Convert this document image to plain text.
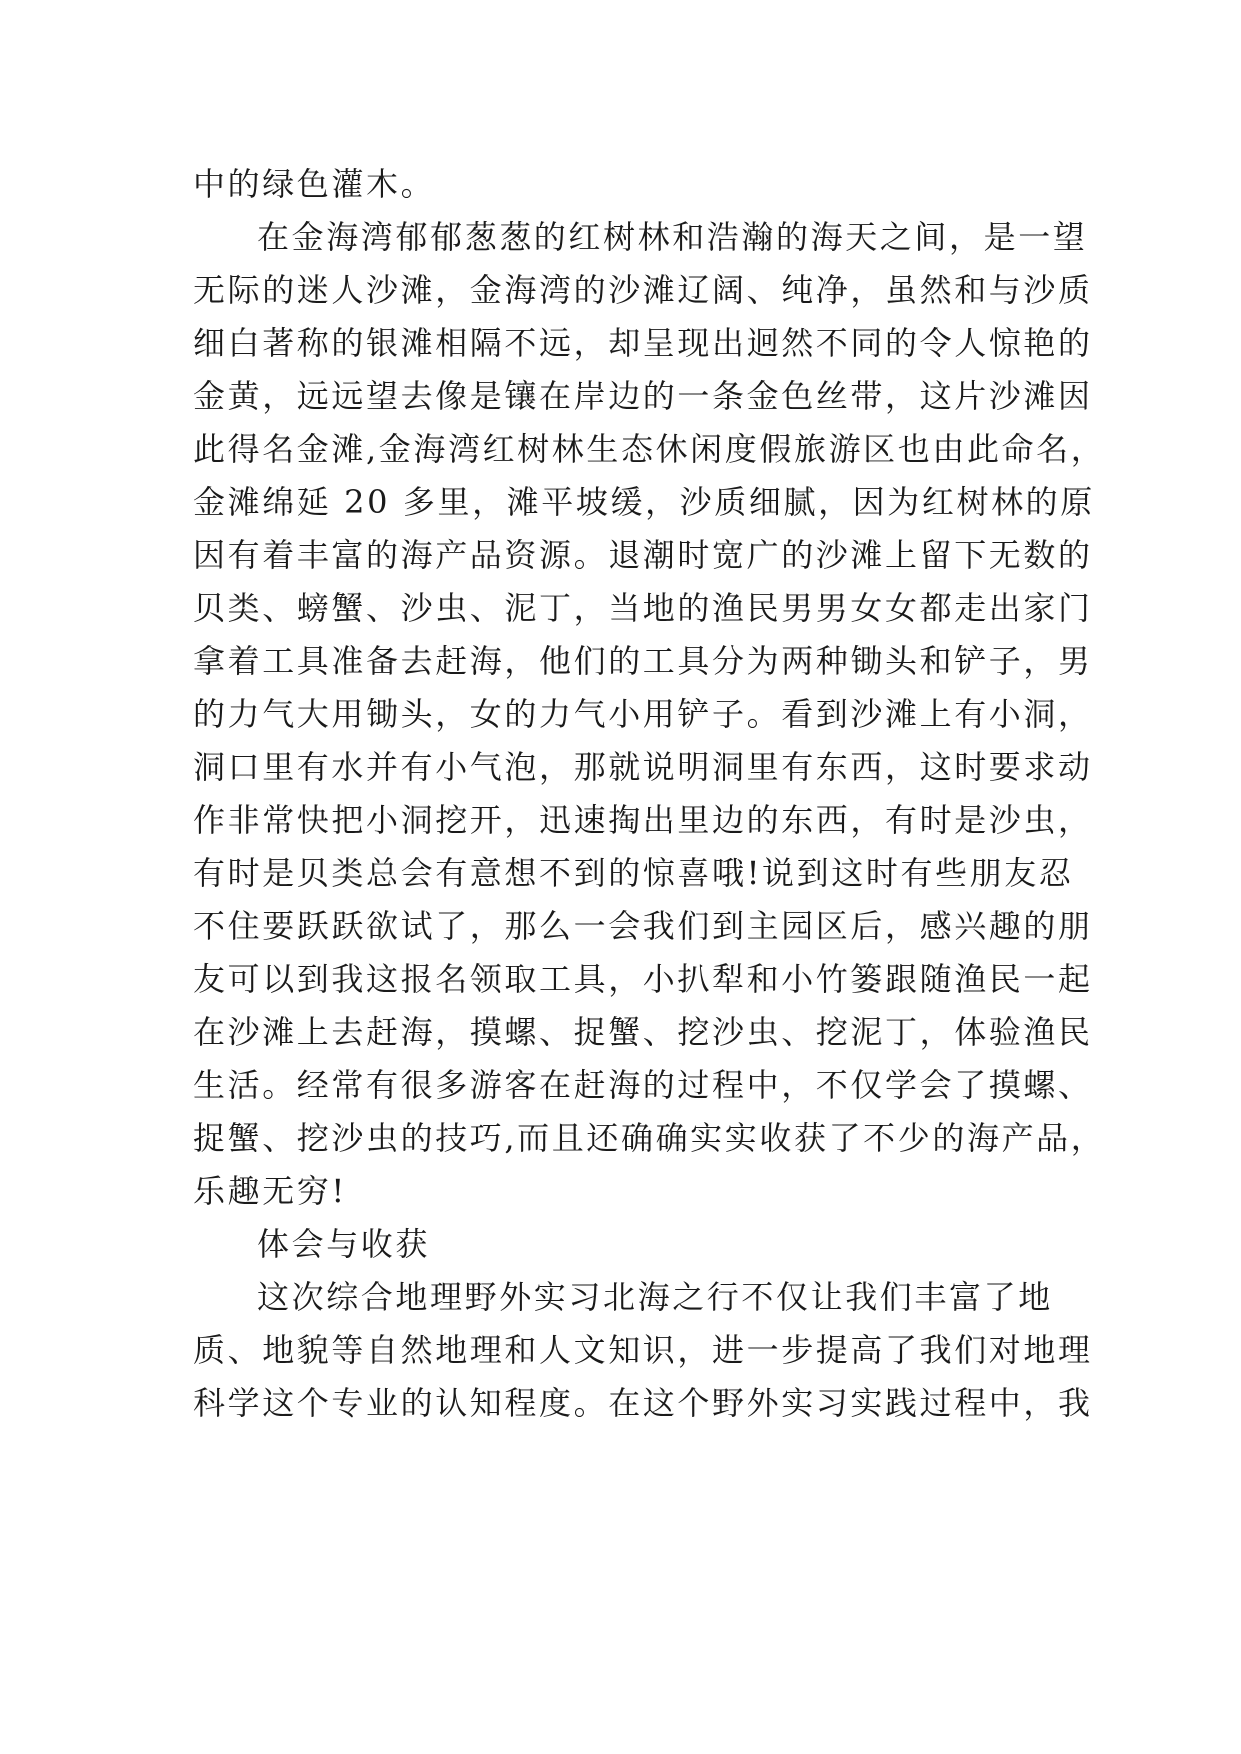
中的绿色灌木。
在金海湾郁郁葱葱的红树林和浩瀚的海天之间，是一望
无际的迷人沙滩，金海湾的沙滩辽阔、纯净，虽然和与沙质
细白著称的银滩相隔不远，却呈现出迥然不同的令人惊艳的
金黄，远远望去像是镶在岸边的一条金色丝带，这片沙滩因
此得名金滩,金海湾红树林生态休闲度假旅游区也由此命名，
金滩绵延 20 多里，滩平坡缓，沙质细腻，因为红树林的原
因有着丰富的海产品资源。退潮时宽广的沙滩上留下无数的
贝类、螃蟹、沙虫、泥丁，当地的渔民男男女女都走出家门
拿着工具准备去赶海，他们的工具分为两种锄头和铲子，男
的力气大用锄头，女的力气小用铲子。看到沙滩上有小洞，
洞口里有水并有小气泡，那就说明洞里有东西，这时要求动
作非常快把小洞挖开，迅速掏出里边的东西，有时是沙虫，
有时是贝类总会有意想不到的惊喜哦!说到这时有些朋友忍
不住要跃跃欲试了，那么一会我们到主园区后，感兴趣的朋
友可以到我这报名领取工具，小扒犁和小竹篓跟随渔民一起
在沙滩上去赶海，摸螺、捉蟹、挖沙虫、挖泥丁，体验渔民
生活。经常有很多游客在赶海的过程中，不仅学会了摸螺、
捉蟹、挖沙虫的技巧,而且还确确实实收获了不少的海产品，
乐趣无穷!
体会与收获
这次综合地理野外实习北海之行不仅让我们丰富了地
质、地貌等自然地理和人文知识，进一步提高了我们对地理
科学这个专业的认知程度。在这个野外实习实践过程中，我
